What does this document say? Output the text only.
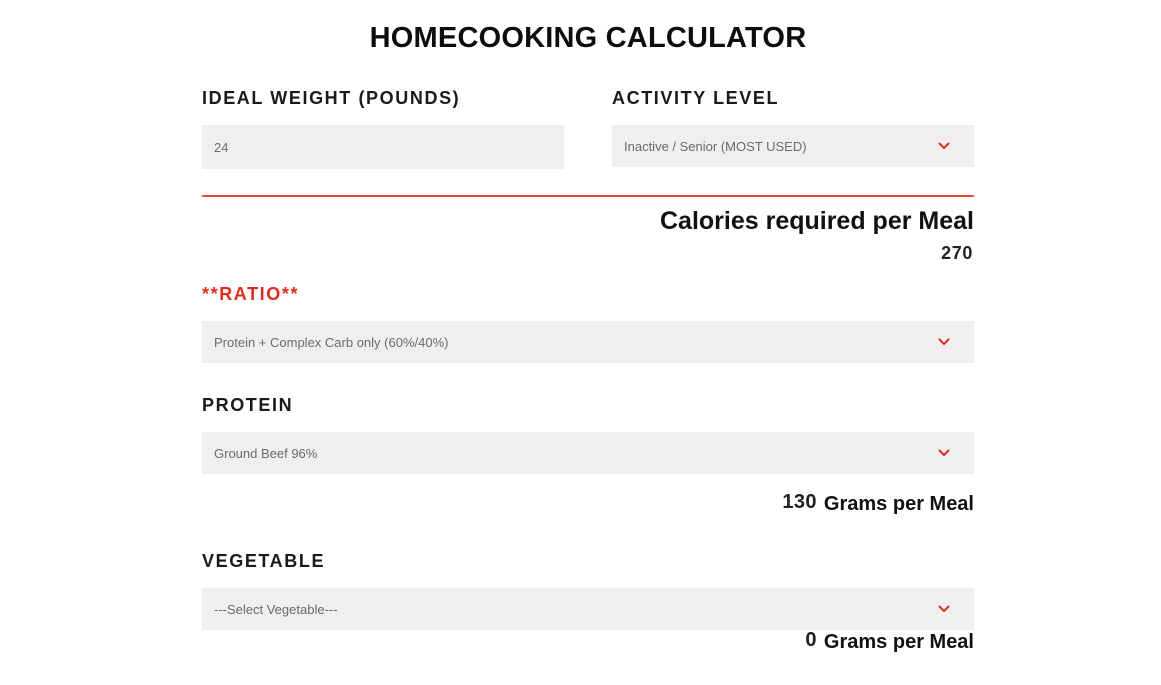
HOMECOOKING CALCULATOR
IDEAL WEIGHT (POUNDS)
24
ACTIVITY LEVEL
Inactive / Senior (MOST USED)
Calories required per Meal
270
**RATIO**
Protein + Complex Carb only (60%/40%)
PROTEIN
Ground Beef 96%
130 Grams per Meal
VEGETABLE
---Select Vegetable---
0 Grams per Meal
